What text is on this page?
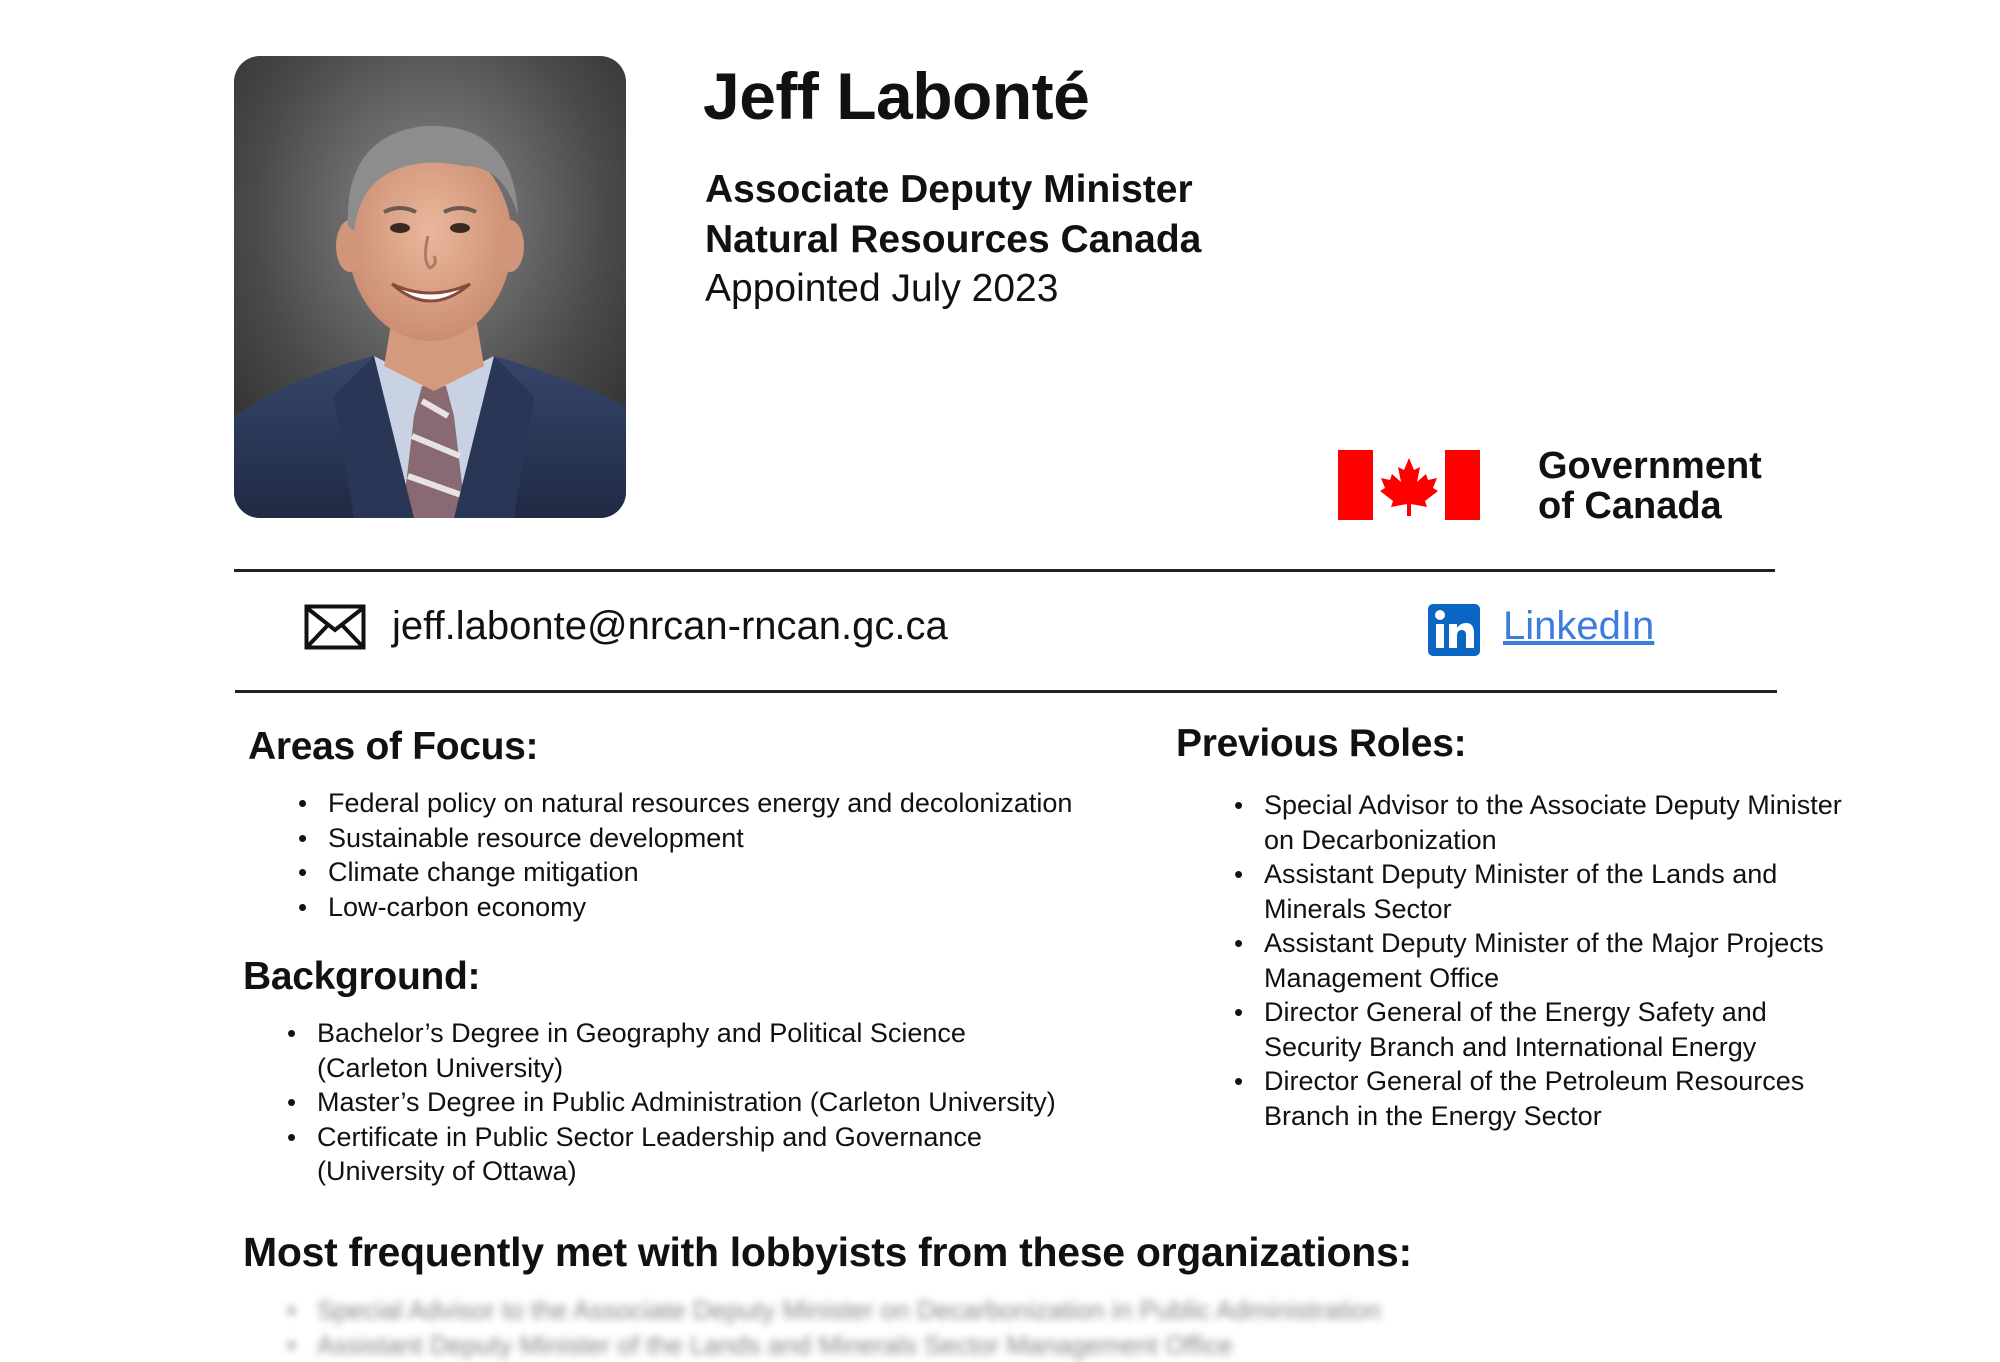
Jeff Labonté
Associate Deputy Minister
Natural Resources Canada
Appointed July 2023
Government
of Canada
jeff.labonte@nrcan-rncan.gc.ca	LinkedIn
Areas of Focus:
• Federal policy on natural resources energy and decolonization
• Sustainable resource development
• Climate change mitigation
• Low-carbon economy
Background:
• Bachelor’s Degree in Geography and Political Science (Carleton University)
• Master’s Degree in Public Administration (Carleton University)
• Certificate in Public Sector Leadership and Governance (University of Ottawa)
Previous Roles:
• Special Advisor to the Associate Deputy Minister on Decarbonization
• Assistant Deputy Minister of the Lands and Minerals Sector
• Assistant Deputy Minister of the Major Projects Management Office
• Director General of the Energy Safety and Security Branch and International Energy
• Director General of the Petroleum Resources Branch in the Energy Sector
Most frequently met with lobbyists from these organizations:
• Special Advisor to the Associate Deputy Minister on Decarbonization in Public Administration
• Assistant Deputy Minister of the Lands and Minerals Sector Management Office
